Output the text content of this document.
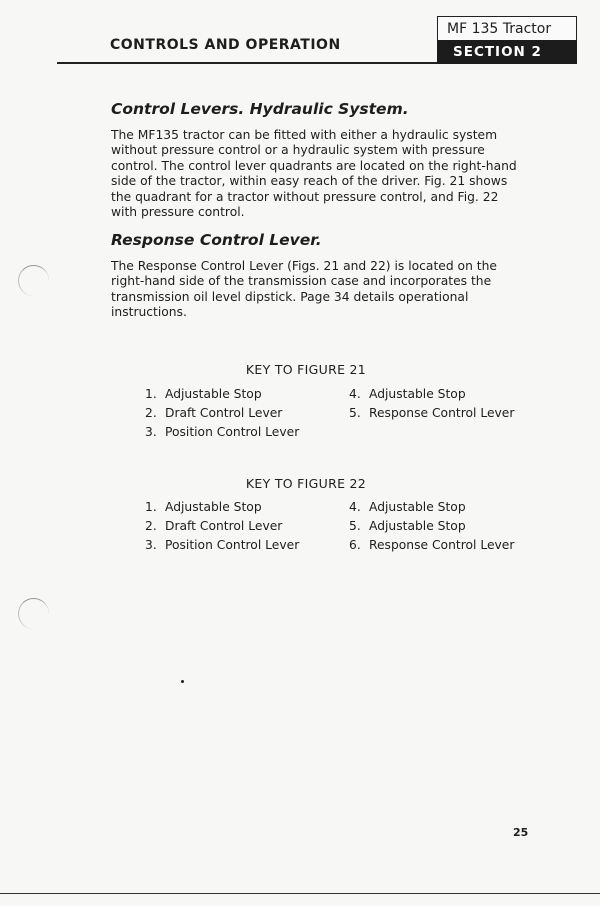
CONTROLS AND OPERATION
MF 135 Tractor
SECTION 2
Control Levers. Hydraulic System.
The MF135 tractor can be fitted with either a hydraulic system
without pressure control or a hydraulic system with pressure
control. The control lever quadrants are located on the right-hand
side of the tractor, within easy reach of the driver. Fig. 21 shows
the quadrant for a tractor without pressure control, and Fig. 22
with pressure control.
Response Control Lever.
The Response Control Lever (Figs. 21 and 22) is located on the
right-hand side of the transmission case and incorporates the
transmission oil level dipstick. Page 34 details operational
instructions.
KEY TO FIGURE 21
1. Adjustable Stop
2. Draft Control Lever
3. Position Control Lever
4. Adjustable Stop
5. Response Control Lever
KEY TO FIGURE 22
1. Adjustable Stop
2. Draft Control Lever
3. Position Control Lever
4. Adjustable Stop
5. Adjustable Stop
6. Response Control Lever
25
